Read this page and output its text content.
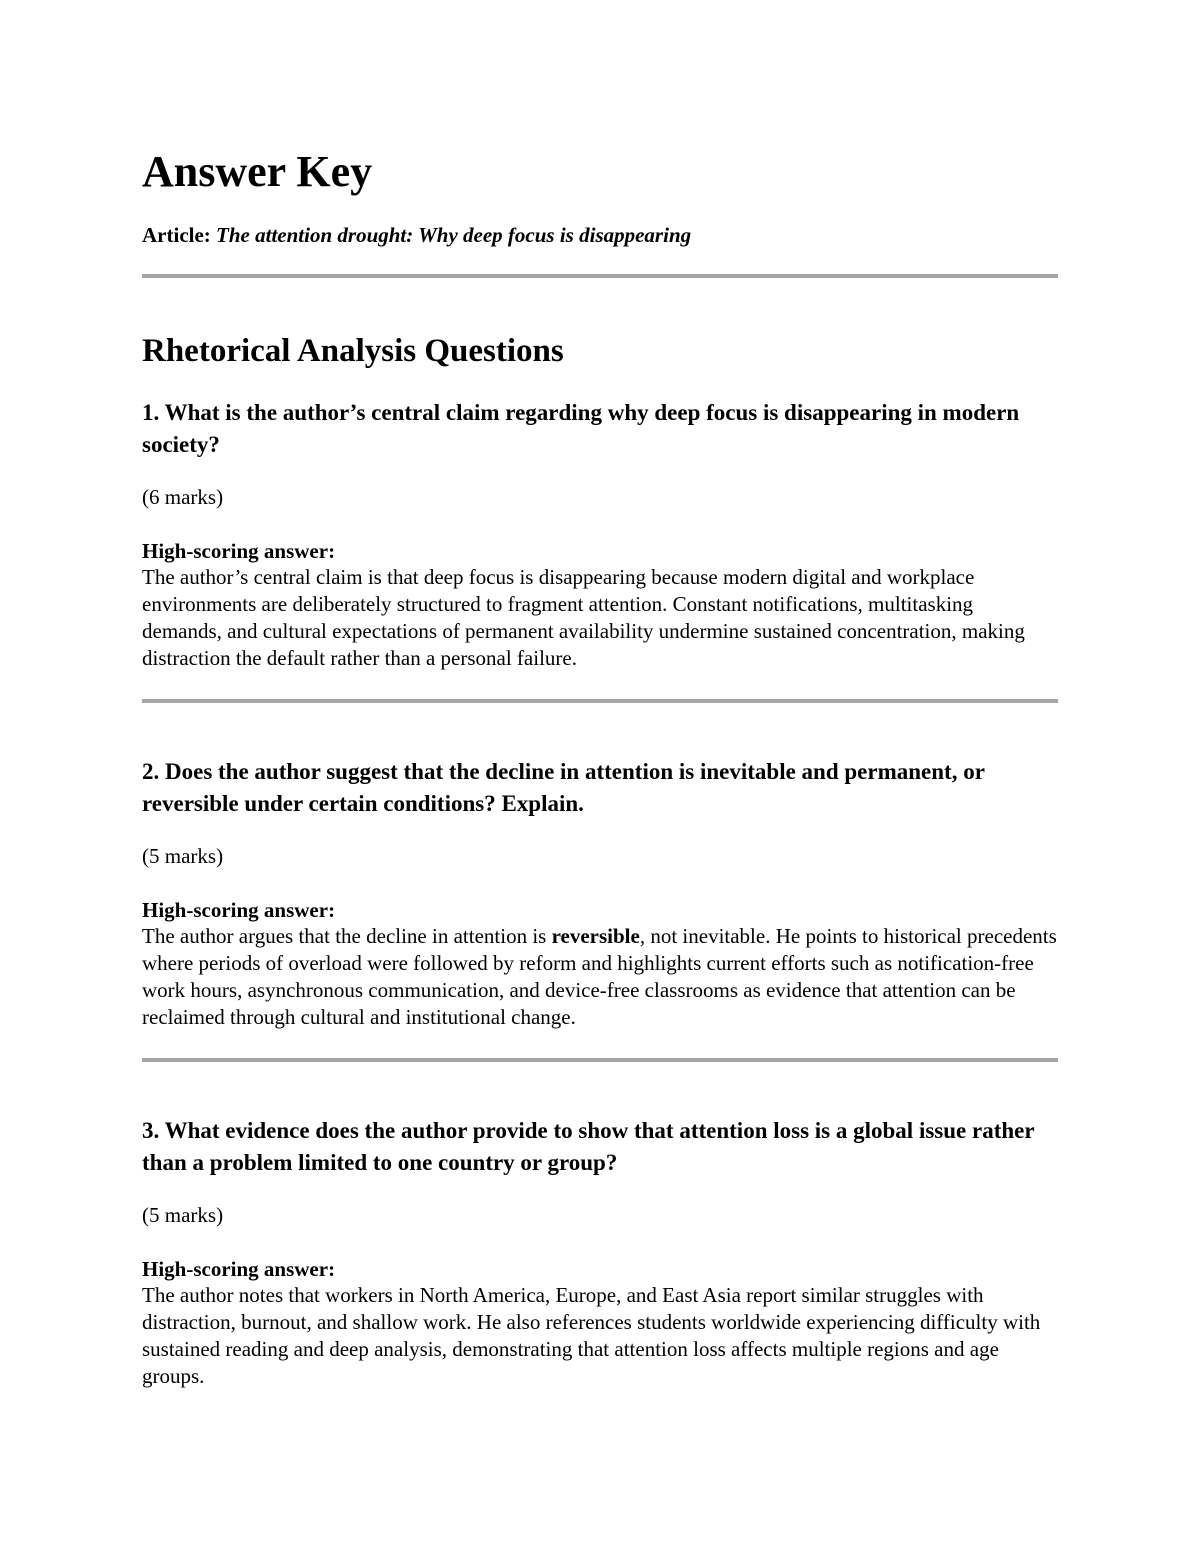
Answer Key
Article: The attention drought: Why deep focus is disappearing
Rhetorical Analysis Questions

1. What is the author’s central claim regarding why deep focus is disappearing in modern society?

(6 marks)
High-scoring answer:

The author’s central claim is that deep focus is disappearing because modern digital and workplace environments are deliberately structured to fragment attention. Constant notifications, multitasking demands, and cultural expectations of permanent availability undermine sustained concentration, making distraction the default rather than a personal failure.

2. Does the author suggest that the decline in attention is inevitable and permanent, or reversible under certain conditions? Explain.

(5 marks)
High-scoring answer:

The author argues that the decline in attention is reversible, not inevitable. He points to historical precedents where periods of overload were followed by reform and highlights current efforts such as notification-free work hours, asynchronous communication, and device-free classrooms as evidence that attention can be reclaimed through cultural and institutional change.

3. What evidence does the author provide to show that attention loss is a global issue rather than a problem limited to one country or group?

(5 marks)
High-scoring answer:

The author notes that workers in North America, Europe, and East Asia report similar struggles with distraction, burnout, and shallow work. He also references students worldwide experiencing difficulty with sustained reading and deep analysis, demonstrating that attention loss affects multiple regions and age groups.
